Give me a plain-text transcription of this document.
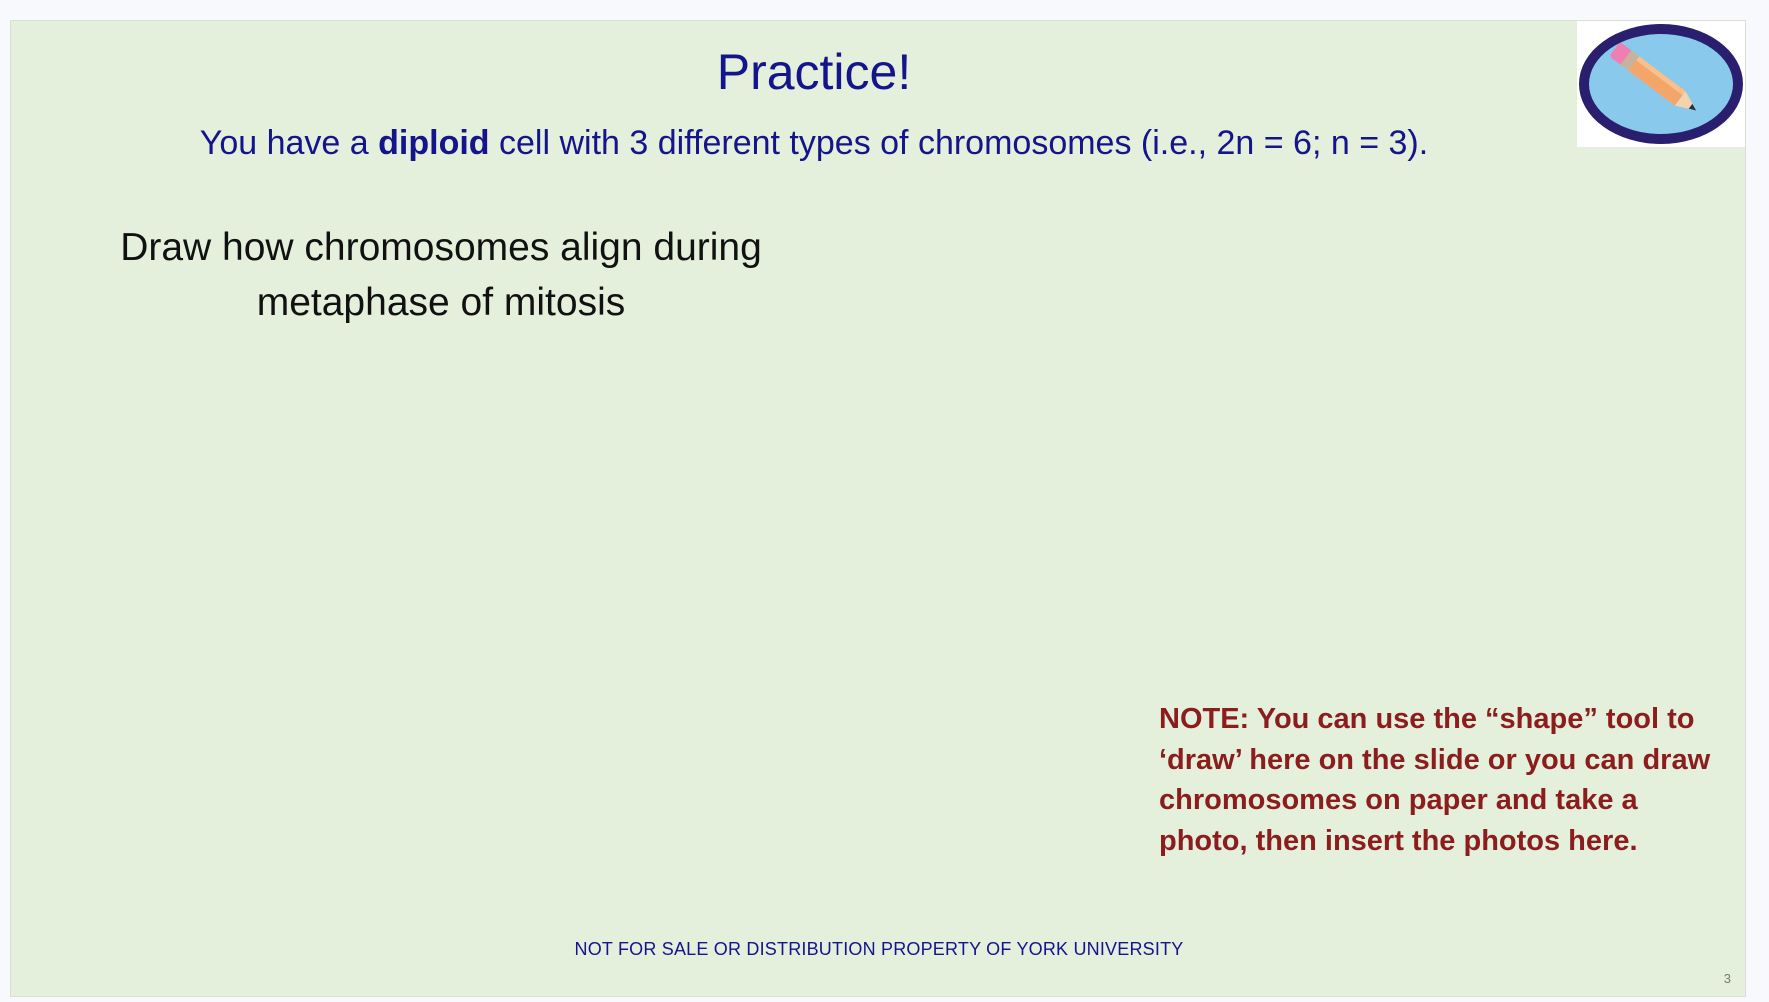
Practice!
You have a diploid cell with 3 different types of chromosomes (i.e., 2n = 6; n = 3).
Draw how chromosomes align during
metaphase of mitosis
NOTE: You can use the “shape” tool to ‘draw’ here on the slide or you can draw chromosomes on paper and take a photo, then insert the photos here.
NOT FOR SALE OR DISTRIBUTION PROPERTY OF YORK UNIVERSITY
3
